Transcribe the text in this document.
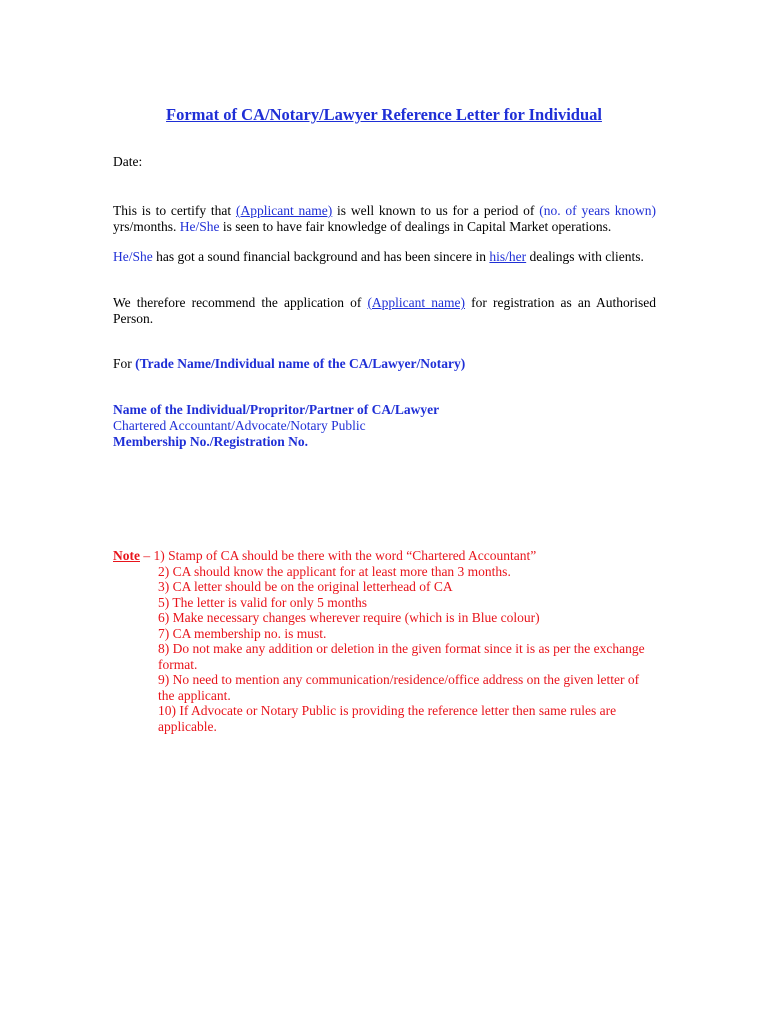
Format of CA/Notary/Lawyer Reference Letter for Individual
Date:
This is to certify that (Applicant name) is well known to us for a period of (no. of years known) yrs/months. He/She is seen to have fair knowledge of dealings in Capital Market operations.
He/She has got a sound financial background and has been sincere in his/her dealings with clients.
We therefore recommend the application of (Applicant name) for registration as an Authorised Person.
For (Trade Name/Individual name of the CA/Lawyer/Notary)
Name of the Individual/Propritor/Partner of CA/Lawyer
Chartered Accountant/Advocate/Notary Public
Membership No./Registration No.
Note – 1) Stamp of CA should be there with the word “Chartered Accountant”
2) CA should know the applicant for at least more than 3 months.
3) CA letter should be on the original letterhead of CA
5) The letter is valid for only 5 months
6) Make necessary changes wherever require (which is in Blue colour)
7) CA membership no. is must.
8) Do not make any addition or deletion in the given format since it is as per the exchange format.
9) No need to mention any communication/residence/office address on the given letter of the applicant.
10) If Advocate or Notary Public is providing the reference letter then same rules are applicable.
